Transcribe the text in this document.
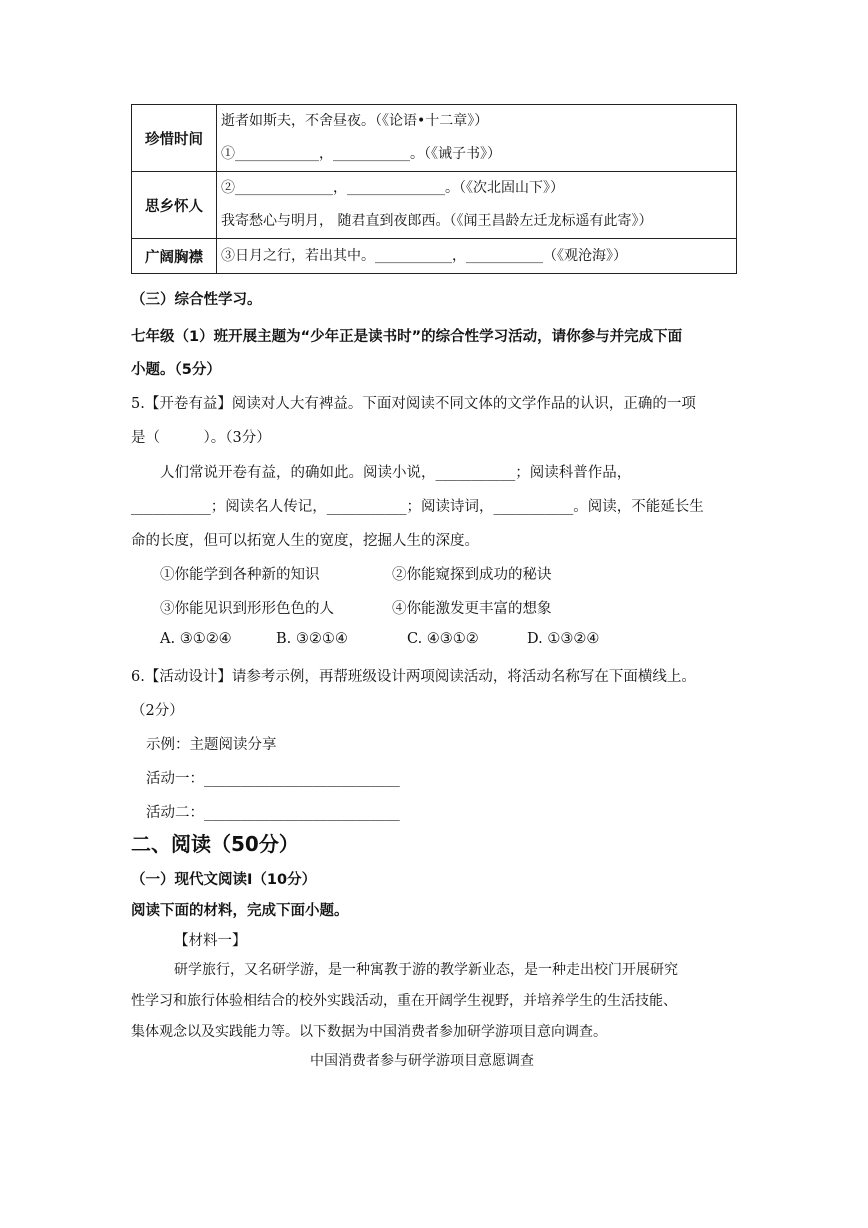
珍惜时间	逝者如斯夫，不舍昼夜。（《论语•十二章》）
①____________，___________。（《诫子书》）

思乡怀人	②______________，______________。（《次北固山下》）
我寄愁心与明月， 随君直到夜郎西。（《闻王昌龄左迁龙标遥有此寄》）

广阔胸襟	③日月之行，若出其中。___________，___________（《观沧海》）
（三）综合性学习。
七年级（1）班开展主题为“少年正是读书时”的综合性学习活动，请你参与并完成下面
小题。（5分）
5.【开卷有益】阅读对人大有裨益。下面对阅读不同文体的文学作品的认识，正确的一项
是（　　　）。（3分）
人们常说开卷有益，的确如此。阅读小说，___________；阅读科普作品，
___________；阅读名人传记，___________；阅读诗词，___________。阅读，不能延长生
命的长度，但可以拓宽人生的宽度，挖掘人生的深度。
①你能学到各种新的知识	②你能窥探到成功的秘诀
③你能见识到形形色色的人	④你能激发更丰富的想象
A. ③①②④	B. ③②①④	C. ④③①②	D. ①③②④
6.【活动设计】请参考示例，再帮班级设计两项阅读活动，将活动名称写在下面横线上。
（2分）
示例：主题阅读分享
活动一：___________________________
活动二：___________________________
二、阅读（50分）
（一）现代文阅读Ⅰ（10分）
阅读下面的材料，完成下面小题。
【材料一】
研学旅行，又名研学游，是一种寓教于游的教学新业态，是一种走出校门开展研究
性学习和旅行体验相结合的校外实践活动，重在开阔学生视野，并培养学生的生活技能、
集体观念以及实践能力等。以下数据为中国消费者参加研学游项目意向调查。
中国消费者参与研学游项目意愿调查
